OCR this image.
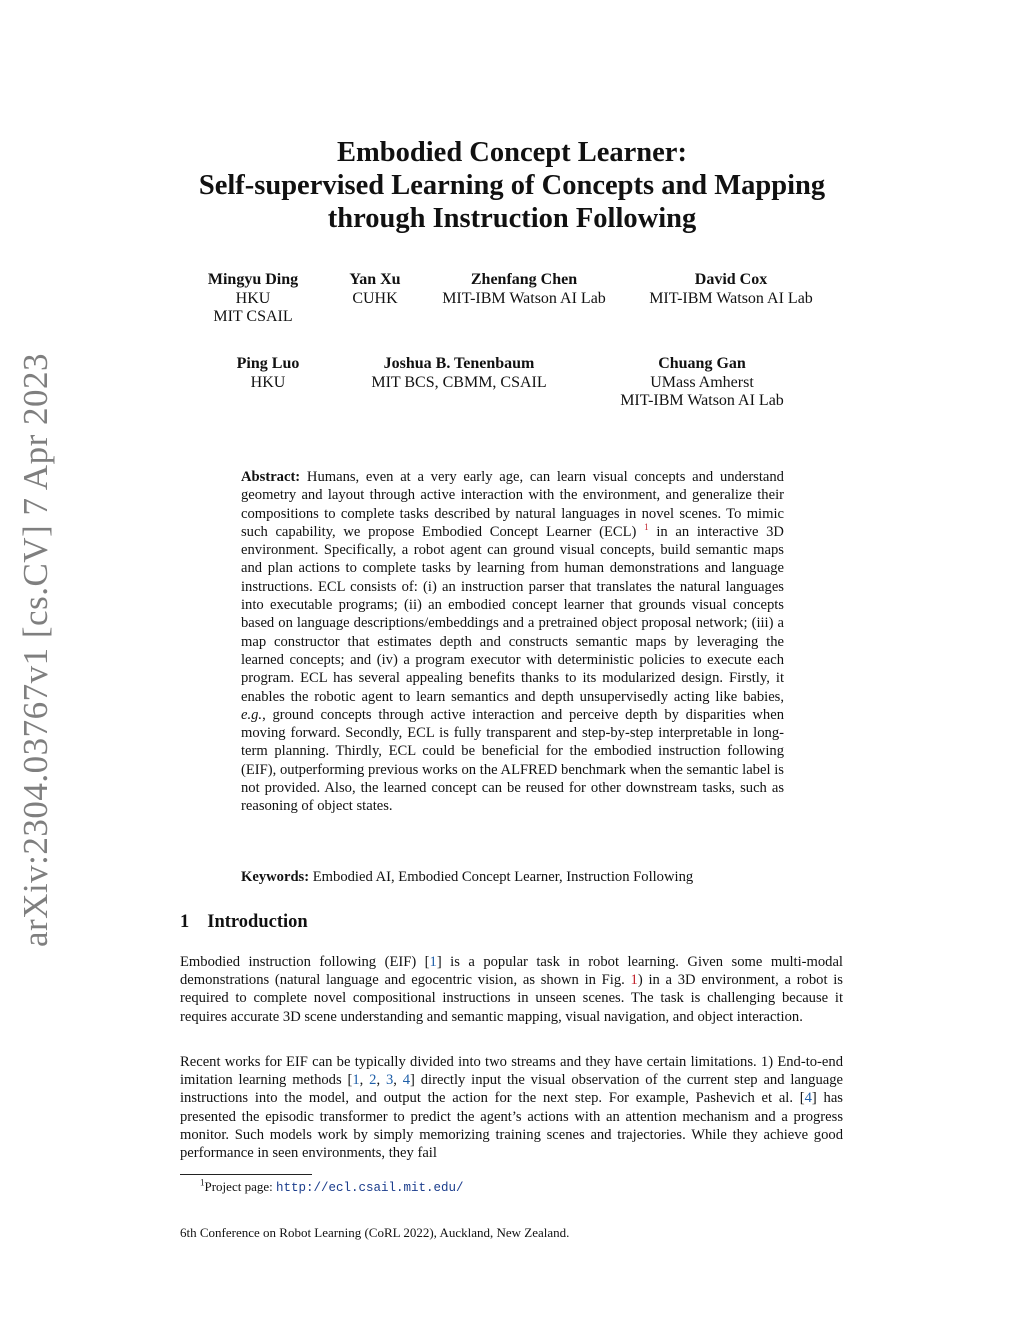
arXiv:2304.03767v1 [cs.CV] 7 Apr 2023
Embodied Concept Learner:
Self-supervised Learning of Concepts and Mapping
through Instruction Following
Mingyu Ding
HKU
MIT CSAIL
Yan Xu
CUHK
Zhenfang Chen
MIT-IBM Watson AI Lab
David Cox
MIT-IBM Watson AI Lab
Ping Luo
HKU
Joshua B. Tenenbaum
MIT BCS, CBMM, CSAIL
Chuang Gan
UMass Amherst
MIT-IBM Watson AI Lab
Abstract: Humans, even at a very early age, can learn visual concepts and understand geometry and layout through active interaction with the environment, and generalize their compositions to complete tasks described by natural languages in novel scenes. To mimic such capability, we propose Embodied Concept Learner (ECL) $^1$ in an interactive 3D environment. Specifically, a robot agent can ground visual concepts, build semantic maps and plan actions to complete tasks by learning from human demonstrations and language instructions. ECL consists of: (i) an instruction parser that translates the natural languages into executable programs; (ii) an embodied concept learner that grounds visual concepts based on language descriptions/embeddings and a pretrained object proposal network; (iii) a map constructor that estimates depth and constructs semantic maps by leveraging the learned concepts; and (iv) a program executor with deterministic policies to execute each program. ECL has several appealing benefits thanks to its modularized design. Firstly, it enables the robotic agent to learn semantics and depth unsupervisedly acting like babies, e.g., ground concepts through active interaction and perceive depth by disparities when moving forward. Secondly, ECL is fully transparent and step-by-step interpretable in long-term planning. Thirdly, ECL could be beneficial for the embodied instruction following (EIF), outperforming previous works on the ALFRED benchmark when the semantic label is not provided. Also, the learned concept can be reused for other downstream tasks, such as reasoning of object states.
Keywords: Embodied AI, Embodied Concept Learner, Instruction Following
1 Introduction
Embodied instruction following (EIF) [1] is a popular task in robot learning. Given some multi-modal demonstrations (natural language and egocentric vision, as shown in Fig. 1) in a 3D environment, a robot is required to complete novel compositional instructions in unseen scenes. The task is challenging because it requires accurate 3D scene understanding and semantic mapping, visual navigation, and object interaction.
Recent works for EIF can be typically divided into two streams and they have certain limitations. 1) End-to-end imitation learning methods [1, 2, 3, 4] directly input the visual observation of the current step and language instructions into the model, and output the action for the next step. For example, Pashevich et al. [4] has presented the episodic transformer to predict the agent’s actions with an attention mechanism and a progress monitor. Such models work by simply memorizing training scenes and trajectories. While they achieve good performance in seen environments, they fail
$^1$Project page: http://ecl.csail.mit.edu/
6th Conference on Robot Learning (CoRL 2022), Auckland, New Zealand.
